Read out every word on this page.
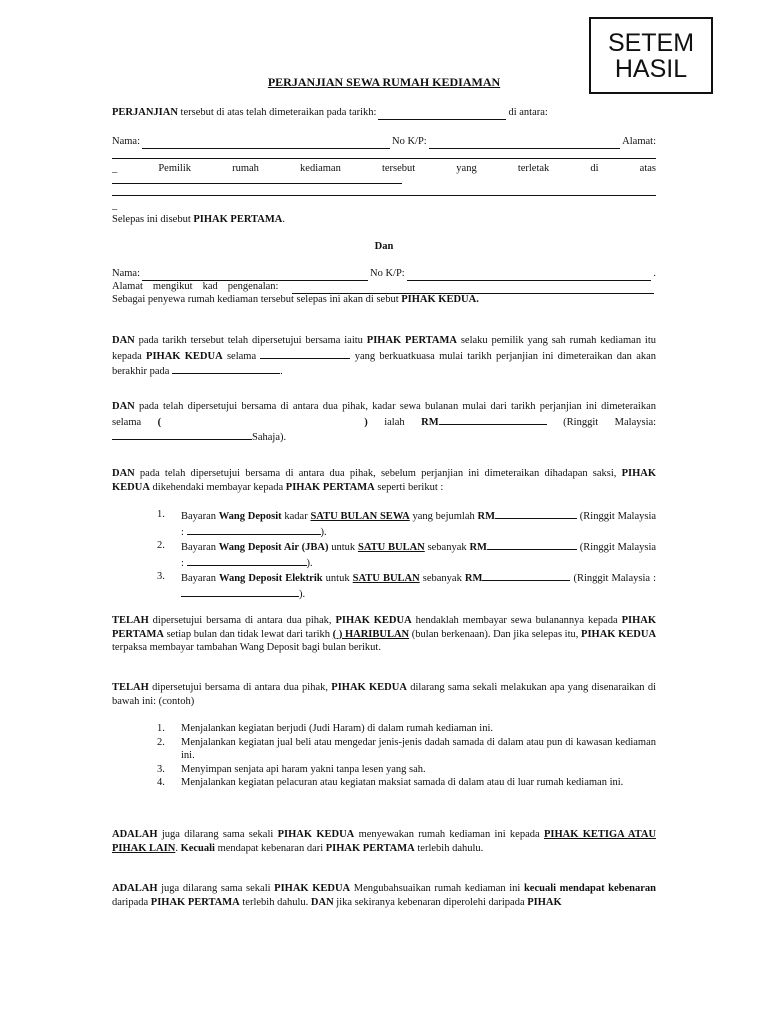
SETEM
HASIL
PERJANJIAN SEWA RUMAH KEDIAMAN
PERJANJIAN
tersebut di atas telah dimeteraikan pada tarikh:	di antara:
Nama:	No K/P:	Alamat:
_	Pemilik	rumah	kediaman	tersebut	yang	terletak	di	atas
_
Selepas ini disebut PIHAK PERTAMA.
Dan
Nama:	No K/P:	.
Alamat mengikut kad pengenalan:
Sebagai penyewa rumah kediaman tersebut selepas ini akan di sebut PIHAK KEDUA.
DAN pada tarikh tersebut telah dipersetujui bersama iaitu PIHAK PERTAMA selaku pemilik yang sah rumah kediaman itu kepada PIHAK KEDUA selama	yang berkuatkuasa mulai tarikh perjanjian ini dimeteraikan dan akan berakhir pada	.
DAN pada telah dipersetujui bersama di antara dua pihak, kadar sewa bulanan mulai dari tarikh perjanjian ini dimeteraikan selama (	) ialah RM	(Ringgit Malaysia: Sahaja).
DAN pada telah dipersetujui bersama di antara dua pihak, sebelum perjanjian ini dimeteraikan dihadapan saksi, PIHAK KEDUA dikehendaki membayar kepada PIHAK PERTAMA seperti berikut :
1. Bayaran Wang Deposit kadar SATU BULAN SEWA yang bejumlah RM	(Ringgit Malaysia :	).
2. Bayaran Wang Deposit Air (JBA) untuk SATU BULAN sebanyak RM	(Ringgit Malaysia :	).
3. Bayaran Wang Deposit Elektrik untuk SATU BULAN sebanyak RM	(Ringgit Malaysia : ).
TELAH dipersetujui bersama di antara dua pihak, PIHAK KEDUA hendaklah membayar sewa bulanannya kepada PIHAK PERTAMA setiap bulan dan tidak lewat dari tarikh ( ) HARIBULAN (bulan berkenaan). Dan jika selepas itu, PIHAK KEDUA terpaksa membayar tambahan Wang Deposit bagi bulan berikut.
TELAH dipersetujui bersama di antara dua pihak, PIHAK KEDUA dilarang sama sekali melakukan apa yang disenaraikan di bawah ini: (contoh)
1. Menjalankan kegiatan berjudi (Judi Haram) di dalam rumah kediaman ini.
2. Menjalankan kegiatan jual beli atau mengedar jenis-jenis dadah samada di dalam atau pun di kawasan kediaman ini.
3. Menyimpan senjata api haram yakni tanpa lesen yang sah.
4. Menjalankan kegiatan pelacuran atau kegiatan maksiat samada di dalam atau di luar rumah kediaman ini.
ADALAH juga dilarang sama sekali PIHAK KEDUA menyewakan rumah kediaman ini kepada PIHAK KETIGA ATAU PIHAK LAIN. Kecuali mendapat kebenaran dari PIHAK PERTAMA terlebih dahulu.
ADALAH juga dilarang sama sekali PIHAK KEDUA Mengubahsuaikan rumah kediaman ini kecuali mendapat kebenaran daripada PIHAK PERTAMA terlebih dahulu. DAN jika sekiranya kebenaran diperolehi daripada PIHAK
